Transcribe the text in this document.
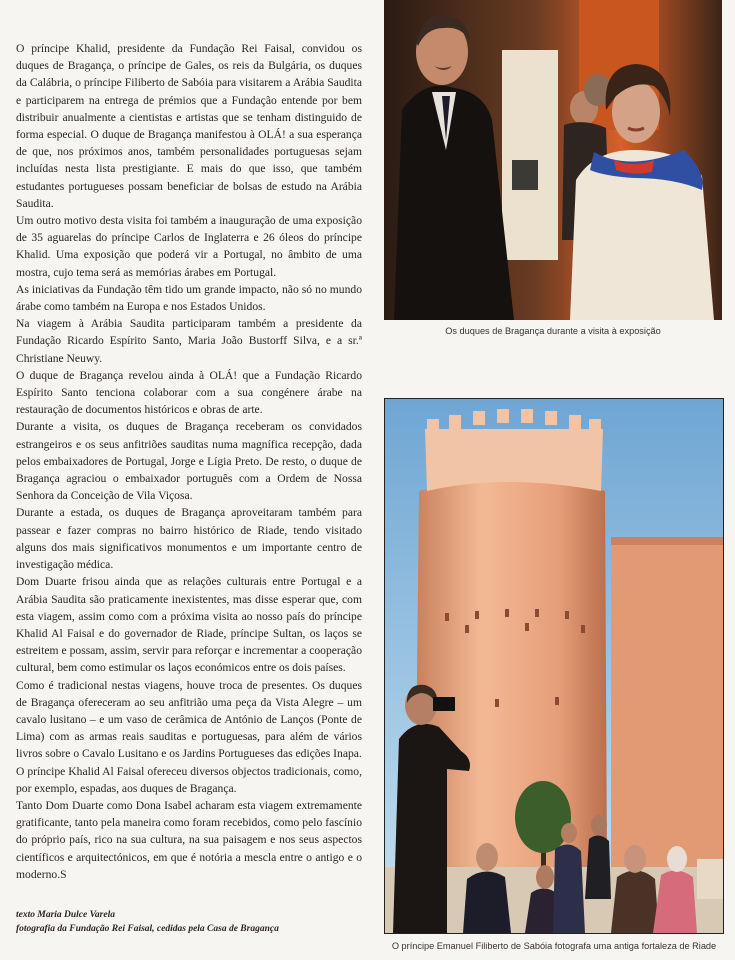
O príncipe Khalid, presidente da Fundação Rei Faisal, convidou os duques de Bragança, o príncipe de Gales, os reis da Bulgária, os duques da Calábria, o príncipe Filiberto de Sabóia para visitarem a Arábia Saudita e participarem na entrega de prémios que a Fundação entende por bem distribuir anualmente a cientistas e artistas que se tenham distinguido de forma especial. O duque de Bragança manifestou à OLÁ! a sua esperança de que, nos próximos anos, também personalidades portuguesas sejam incluídas nesta lista prestigiante. E mais do que isso, que também estudantes portugueses possam beneficiar de bolsas de estudo na Arábia Saudita.

Um outro motivo desta visita foi também a inauguração de uma exposição de 35 aguarelas do príncipe Carlos de Inglaterra e 26 óleos do príncipe Khalid. Uma exposição que poderá vir a Portugal, no âmbito de uma mostra, cujo tema será as memórias árabes em Portugal.

As iniciativas da Fundação têm tido um grande impacto, não só no mundo árabe como também na Europa e nos Estados Unidos.

Na viagem à Arábia Saudita participaram também a presidente da Fundação Ricardo Espírito Santo, Maria João Bustorff Silva, e a sr.ª Christiane Neuwy.

O duque de Bragança revelou ainda à OLÁ! que a Fundação Ricardo Espírito Santo tenciona colaborar com a sua congénere árabe na restauração de documentos históricos e obras de arte.

Durante a visita, os duques de Bragança receberam os convidados estrangeiros e os seus anfitriões sauditas numa magnífica recepção, dada pelos embaixadores de Portugal, Jorge e Lígia Preto. De resto, o duque de Bragança agraciou o embaixador português com a Ordem de Nossa Senhora da Conceição de Vila Viçosa.

Durante a estada, os duques de Bragança aproveitaram também para passear e fazer compras no bairro histórico de Riade, tendo visitado alguns dos mais significativos monumentos e um importante centro de investigação médica.

Dom Duarte frisou ainda que as relações culturais entre Portugal e a Arábia Saudita são praticamente inexistentes, mas disse esperar que, com esta viagem, assim como com a próxima visita ao nosso país do príncipe Khalid Al Faisal e do governador de Riade, príncipe Sultan, os laços se estreitem e possam, assim, servir para reforçar e incrementar a cooperação cultural, bem como estimular os laços económicos entre os dois países.

Como é tradicional nestas viagens, houve troca de presentes. Os duques de Bragança ofereceram ao seu anfitrião uma peça da Vista Alegre – um cavalo lusitano – e um vaso de cerâmica de António de Lanços (Ponte de Lima) com as armas reais sauditas e portuguesas, para além de vários livros sobre o Cavalo Lusitano e os Jardins Portugueses das edições Inapa.

O príncipe Khalid Al Faisal ofereceu diversos objectos tradicionais, como, por exemplo, espadas, aos duques de Bragança.

Tanto Dom Duarte como Dona Isabel acharam esta viagem extremamente gratificante, tanto pela maneira como foram recebidos, como pelo fascínio do próprio país, rico na sua cultura, na sua paisagem e nos seus aspectos científicos e arquitectónicos, em que é notória a mescla entre o antigo e o moderno.S

texto Maria Dulce Varela
fotografia da Fundação Rei Faisal, cedidas pela Casa de Bragança
Os duques de Bragança durante a visita à exposição
O príncipe Emanuel Filiberto de Sabóia fotografa uma antiga fortaleza de Riade
